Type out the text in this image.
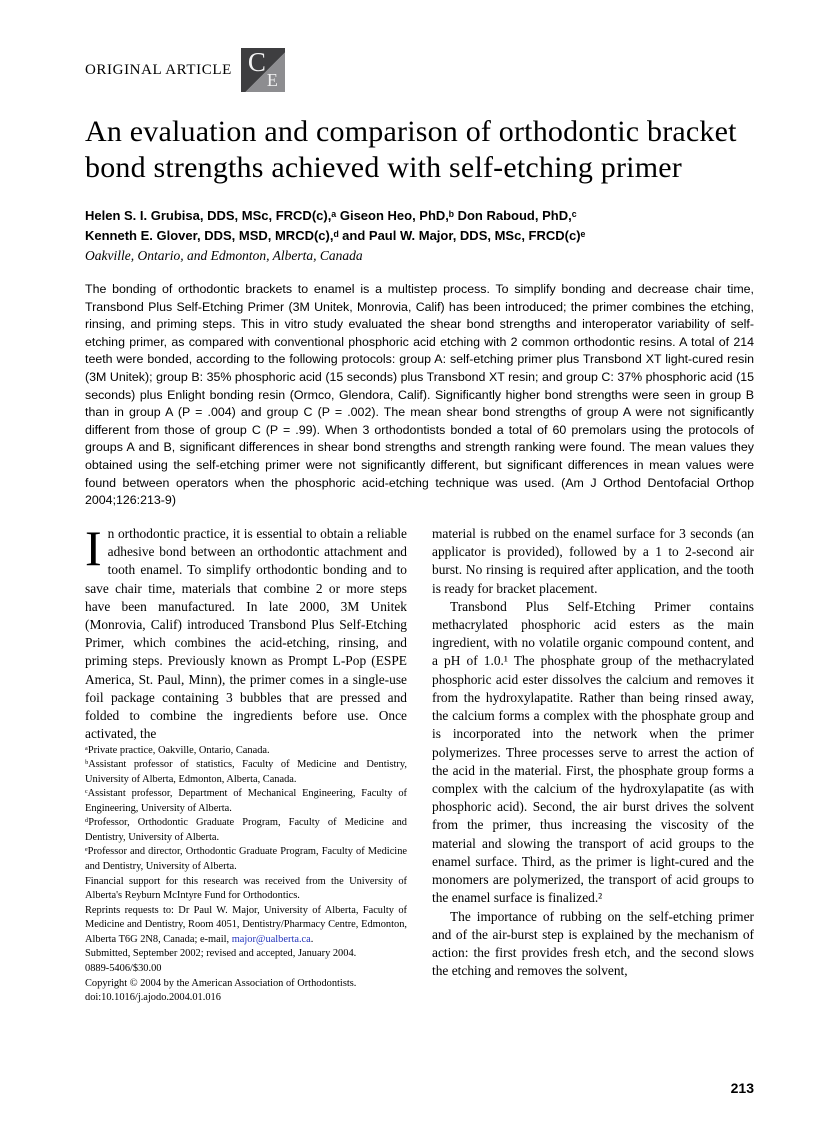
ORIGINAL ARTICLE C
E
An evaluation and comparison of orthodontic bracket bond strengths achieved with self-etching primer
Helen S. I. Grubisa, DDS, MSc, FRCD(c),ᵃ Giseon Heo, PhD,ᵇ Don Raboud, PhD,ᶜ
Kenneth E. Glover, DDS, MSD, MRCD(c),ᵈ and Paul W. Major, DDS, MSc, FRCD(c)ᵉ
Oakville, Ontario, and Edmonton, Alberta, Canada

The bonding of orthodontic brackets to enamel is a multistep process. To simplify bonding and decrease chair time, Transbond Plus Self-Etching Primer (3M Unitek, Monrovia, Calif) has been introduced; the primer combines the etching, rinsing, and priming steps. This in vitro study evaluated the shear bond strengths and interoperator variability of self-etching primer, as compared with conventional phosphoric acid etching with 2 common orthodontic resins. A total of 214 teeth were bonded, according to the following protocols: group A: self-etching primer plus Transbond XT light-cured resin (3M Unitek); group B: 35% phosphoric acid (15 seconds) plus Transbond XT resin; and group C: 37% phosphoric acid (15 seconds) plus Enlight bonding resin (Ormco, Glendora, Calif). Significantly higher bond strengths were seen in group B than in group A (P = .004) and group C (P = .002). The mean shear bond strengths of group A were not significantly different from those of group C (P = .99). When 3 orthodontists bonded a total of 60 premolars using the protocols of groups A and B, significant differences in shear bond strengths and strength ranking were found. The mean values they obtained using the self-etching primer were not significantly different, but significant differences in mean values were found between operators when the phosphoric acid-etching technique was used. (Am J Orthod Dentofacial Orthop 2004;126:213-9)

In orthodontic practice, it is essential to obtain a reliable adhesive bond between an orthodontic attachment and tooth enamel. To simplify orthodontic bonding and to save chair time, materials that combine 2 or more steps have been manufactured. In late 2000, 3M Unitek (Monrovia, Calif) introduced Transbond Plus Self-Etching Primer, which combines the acid-etching, rinsing, and priming steps. Previously known as Prompt L-Pop (ESPE America, St. Paul, Minn), the primer comes in a single-use foil package containing 3 bubbles that are pressed and folded to combine the ingredients before use. Once activated, the

ᵃPrivate practice, Oakville, Ontario, Canada.

ᵇAssistant professor of statistics, Faculty of Medicine and Dentistry, University of Alberta, Edmonton, Alberta, Canada.

ᶜAssistant professor, Department of Mechanical Engineering, Faculty of Engineering, University of Alberta.

ᵈProfessor, Orthodontic Graduate Program, Faculty of Medicine and Dentistry, University of Alberta.

ᵉProfessor and director, Orthodontic Graduate Program, Faculty of Medicine and Dentistry, University of Alberta.

Financial support for this research was received from the University of Alberta's Reyburn McIntyre Fund for Orthodontics.

Reprints requests to: Dr Paul W. Major, University of Alberta, Faculty of Medicine and Dentistry, Room 4051, Dentistry/Pharmacy Centre, Edmonton, Alberta T6G 2N8, Canada; e-mail, major@ualberta.ca.

Submitted, September 2002; revised and accepted, January 2004.

0889-5406/$30.00

Copyright © 2004 by the American Association of Orthodontists.

doi:10.1016/j.ajodo.2004.01.016

material is rubbed on the enamel surface for 3 seconds (an applicator is provided), followed by a 1 to 2-second air burst. No rinsing is required after application, and the tooth is ready for bracket placement.

Transbond Plus Self-Etching Primer contains methacrylated phosphoric acid esters as the main ingredient, with no volatile organic compound content, and a pH of 1.0.¹ The phosphate group of the methacrylated phosphoric acid ester dissolves the calcium and removes it from the hydroxylapatite. Rather than being rinsed away, the calcium forms a complex with the phosphate group and is incorporated into the network when the primer polymerizes. Three processes serve to arrest the action of the acid in the material. First, the phosphate group forms a complex with the calcium of the hydroxylapatite (as with phosphoric acid). Second, the air burst drives the solvent from the primer, thus increasing the viscosity of the material and slowing the transport of acid groups to the enamel surface. Third, as the primer is light-cured and the monomers are polymerized, the transport of acid groups to the enamel surface is finalized.²

The importance of rubbing on the self-etching primer and of the air-burst step is explained by the mechanism of action: the first provides fresh etch, and the second slows the etching and removes the solvent,

213
